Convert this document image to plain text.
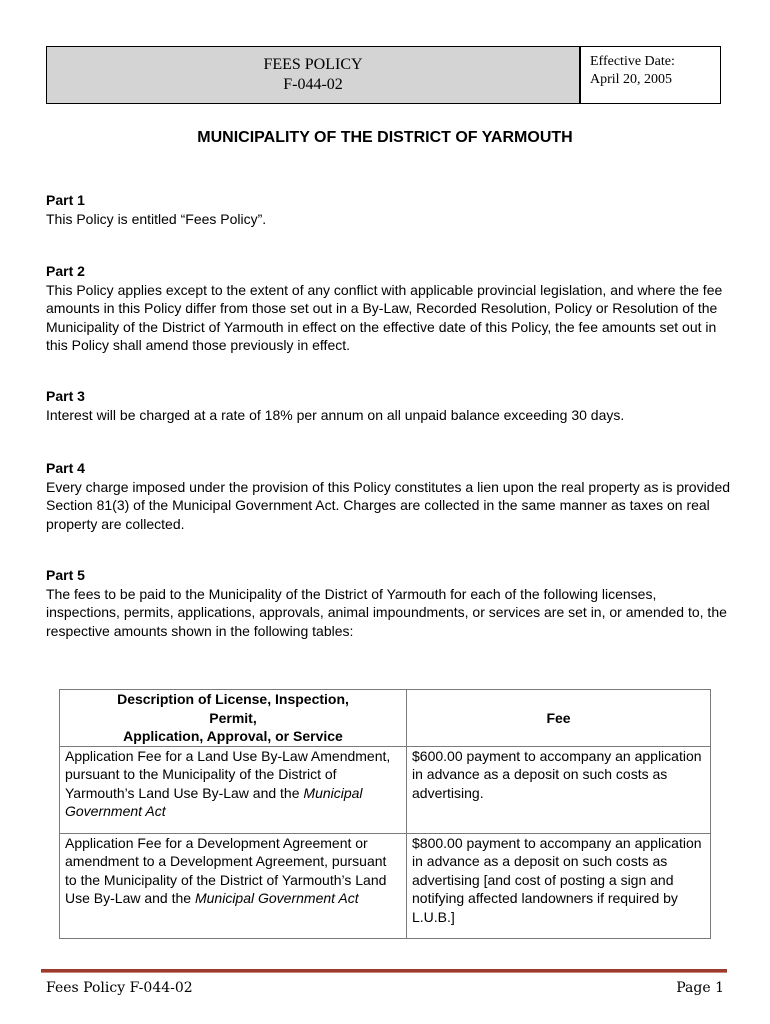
FEES POLICY
F-044-02
Effective Date:
April 20, 2005
MUNICIPALITY OF THE DISTRICT OF YARMOUTH

Part 1

This Policy is entitled “Fees Policy”.

Part 2

This Policy applies except to the extent of any conflict with applicable provincial legislation, and where the fee amounts in this Policy differ from those set out in a By-Law, Recorded Resolution, Policy or Resolution of the Municipality of the District of Yarmouth in effect on the effective date of this Policy, the fee amounts set out in this Policy shall amend those previously in effect.

Part 3

Interest will be charged at a rate of 18% per annum on all unpaid balance exceeding 30 days.

Part 4

Every charge imposed under the provision of this Policy constitutes a lien upon the real property as is provided Section 81(3) of the Municipal Government Act. Charges are collected in the same manner as taxes on real property are collected.

Part 5

The fees to be paid to the Municipality of the District of Yarmouth for each of the following licenses, inspections, permits, applications, approvals, animal impoundments, or services are set in, or amended to, the respective amounts shown in the following tables:

Description of License, Inspection,
Permit,
Application, Approval, or Service	Fee
Application Fee for a Land Use By-Law Amendment, pursuant to the Municipality of the District of Yarmouth’s Land Use By-Law and the Municipal Government Act	$600.00 payment to accompany an application in advance as a deposit on such costs as advertising.
Application Fee for a Development Agreement or amendment to a Development Agreement, pursuant to the Municipality of the District of Yarmouth’s Land Use By-Law and the Municipal Government Act	$800.00 payment to accompany an application in advance as a deposit on such costs as advertising [and cost of posting a sign and notifying affected landowners if required by L.U.B.]
Fees Policy F-044-02	Page 1
